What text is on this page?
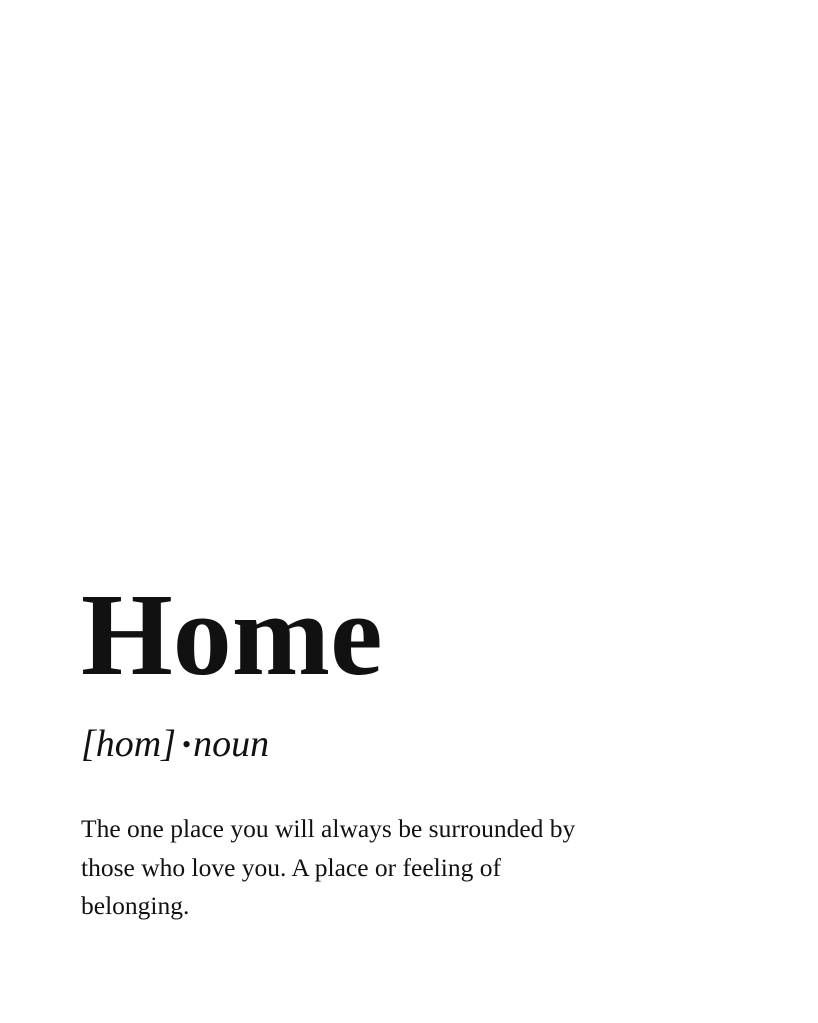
Home
[hom] •noun

The one place you will always be surrounded by those who love you. A place or feeling of belonging.
